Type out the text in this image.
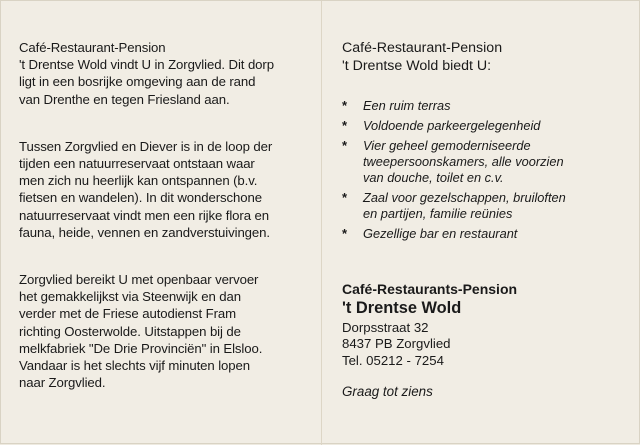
Café-Restaurant-Pension
't Drentse Wold vindt U in Zorgvlied. Dit dorp
ligt in een bosrijke omgeving aan de rand
van Drenthe en tegen Friesland aan.

Tussen Zorgvlied en Diever is in de loop der
tijden een natuurreservaat ontstaan waar
men zich nu heerlijk kan ontspannen (b.v.
fietsen en wandelen). In dit wonderschone
natuurreservaat vindt men een rijke flora en
fauna, heide, vennen en zandverstuivingen.

Zorgvlied bereikt U met openbaar vervoer
het gemakkelijkst via Steenwijk en dan
verder met de Friese autodienst Fram
richting Oosterwolde. Uitstappen bij de
melkfabriek "De Drie Provinciën" in Elsloo.
Vandaar is het slechts vijf minuten lopen
naar Zorgvlied.

Café-Restaurant-Pension
't Drentse Wold biedt U:

* Een ruim terras
* Voldoende parkeergelegenheid
* Vier geheel gemoderniseerde
tweepersoonskamers, alle voorzien
van douche, toilet en c.v.
* Zaal voor gezelschappen, bruiloften
en partijen, familie reünies
* Gezellige bar en restaurant

Café-Restaurants-Pension

't Drentse Wold

Dorpsstraat 32

8437 PB Zorgvlied

Tel. 05212 - 7254

Graag tot ziens
